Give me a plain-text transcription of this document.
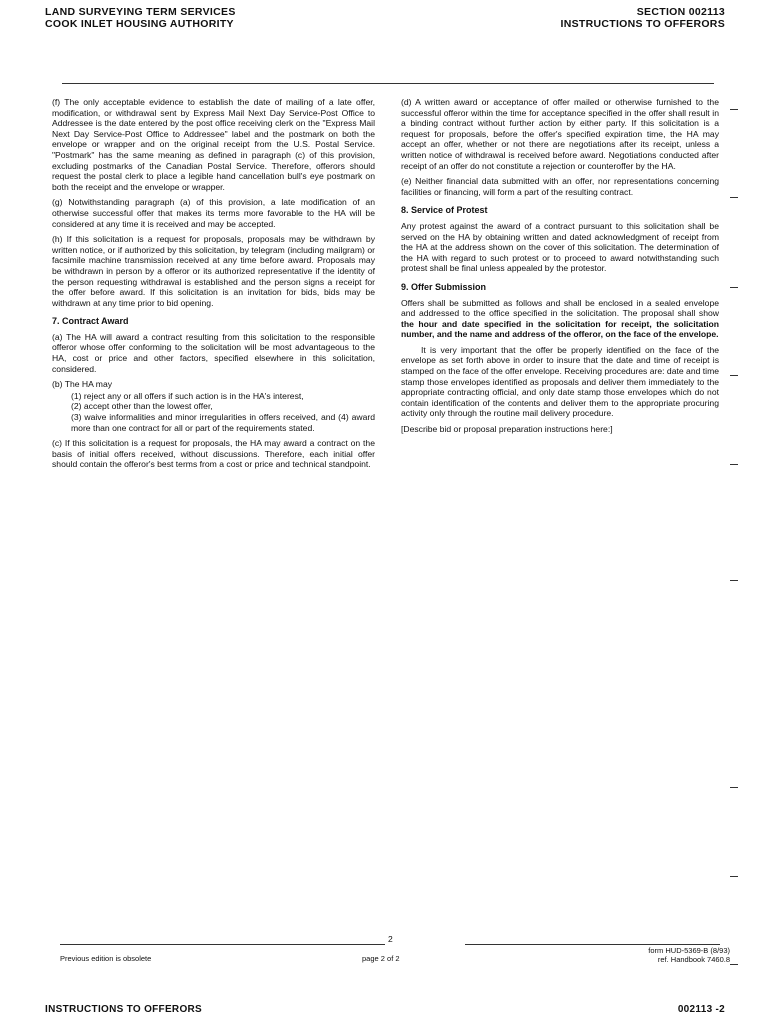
LAND SURVEYING TERM SERVICES
COOK INLET HOUSING AUTHORITY
SECTION 002113
INSTRUCTIONS TO OFFERORS

(f) The only acceptable evidence to establish the date of mailing of a late offer, modification, or withdrawal sent by Express Mail Next Day Service-Post Office to Addressee is the date entered by the post office receiving clerk on the "Express Mail Next Day Service-Post Office to Addressee" label and the postmark on both the envelope or wrapper and on the original receipt from the U.S. Postal Service. "Postmark" has the same meaning as defined in paragraph (c) of this provision, excluding postmarks of the Canadian Postal Service. Therefore, offerors should request the postal clerk to place a legible hand cancellation bull's eye postmark on both the receipt and the envelope or wrapper.

(g) Notwithstanding paragraph (a) of this provision, a late modification of an otherwise successful offer that makes its terms more favorable to the HA will be considered at any time it is received and may be accepted.

(h) If this solicitation is a request for proposals, proposals may be withdrawn by written notice, or if authorized by this solicitation, by telegram (including mailgram) or facsimile machine transmission received at any time before award. Proposals may be withdrawn in person by a offeror or its authorized representative if the identity of the person requesting withdrawal is established and the person signs a receipt for the offer before award. If this solicitation is an invitation for bids, bids may be withdrawn at any time prior to bid opening.

7. Contract Award

(a) The HA will award a contract resulting from this solicitation to the responsible offeror whose offer conforming to the solicitation will be most advantageous to the HA, cost or price and other factors, specified elsewhere in this solicitation, considered.

(b) The HA may

(1) reject any or all offers if such action is in the HA's interest,
(2) accept other than the lowest offer,
(3) waive informalities and minor irregularities in offers received, and (4) award more than one contract for all or part of the requirements stated.

(c) If this solicitation is a request for proposals, the HA may award a contract on the basis of initial offers received, without discussions. Therefore, each initial offer should contain the offeror's best terms from a cost or price and technical standpoint.

(d) A written award or acceptance of offer mailed or otherwise furnished to the successful offeror within the time for acceptance specified in the offer shall result in a binding contract without further action by either party. If this solicitation is a request for proposals, before the offer's specified expiration time, the HA may accept an offer, whether or not there are negotiations after its receipt, unless a written notice of withdrawal is received before award. Negotiations conducted after receipt of an offer do not constitute a rejection or counteroffer by the HA.

(e) Neither financial data submitted with an offer, nor representations concerning facilities or financing, will form a part of the resulting contract.

8. Service of Protest

Any protest against the award of a contract pursuant to this solicitation shall be served on the HA by obtaining written and dated acknowledgment of receipt from the HA at the address shown on the cover of this solicitation. The determination of the HA with regard to such protest or to proceed to award notwithstanding such protest shall be final unless appealed by the protestor.

9. Offer Submission

Offers shall be submitted as follows and shall be enclosed in a sealed envelope and addressed to the office specified in the solicitation. The proposal shall show the hour and date specified in the solicitation for receipt, the solicitation number, and the name and address of the offeror, on the face of the envelope.

It is very important that the offer be properly identified on the face of the envelope as set forth above in order to insure that the date and time of receipt is stamped on the face of the offer envelope. Receiving procedures are: date and time stamp those envelopes identified as proposals and deliver them immediately to the appropriate contracting official, and only date stamp those envelopes which do not contain identification of the contents and deliver them to the appropriate procuring activity only through the routine mail delivery procedure.

[Describe bid or proposal preparation instructions here:]

2
Previous edition is obsolete	page 2 of 2
form HUD-5369-B (8/93)
ref. Handbook 7460.8
INSTRUCTIONS TO OFFERORS	002113 -2
